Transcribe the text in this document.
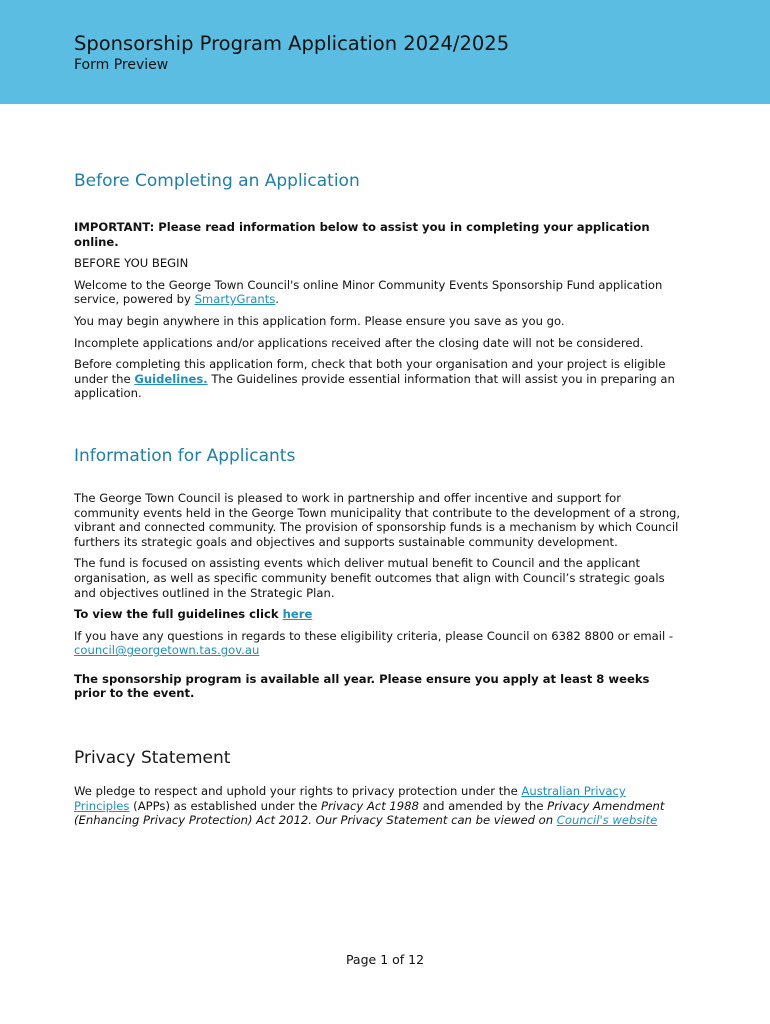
Sponsorship Program Application 2024/2025
Form Preview
Before Completing an Application

IMPORTANT: Please read information below to assist you in completing your application online.

BEFORE YOU BEGIN

Welcome to the George Town Council's online Minor Community Events Sponsorship Fund application service, powered by SmartyGrants.

You may begin anywhere in this application form. Please ensure you save as you go.

Incomplete applications and/or applications received after the closing date will not be considered.

Before completing this application form, check that both your organisation and your project is eligible under the Guidelines. The Guidelines provide essential information that will assist you in preparing an application.

Information for Applicants

The George Town Council is pleased to work in partnership and offer incentive and support for community events held in the George Town municipality that contribute to the development of a strong, vibrant and connected community. The provision of sponsorship funds is a mechanism by which Council furthers its strategic goals and objectives and supports sustainable community development.

The fund is focused on assisting events which deliver mutual benefit to Council and the applicant organisation, as well as specific community benefit outcomes that align with Council’s strategic goals and objectives outlined in the Strategic Plan.

To view the full guidelines click here

If you have any questions in regards to these eligibility criteria, please Council on 6382 8800 or email - council@georgetown.tas.gov.au

The sponsorship program is available all year. Please ensure you apply at least 8 weeks prior to the event.

Privacy Statement

We pledge to respect and uphold your rights to privacy protection under the Australian Privacy Principles (APPs) as established under the Privacy Act 1988 and amended by the Privacy Amendment (Enhancing Privacy Protection) Act 2012. Our Privacy Statement can be viewed on Council's website

Page 1 of 12
